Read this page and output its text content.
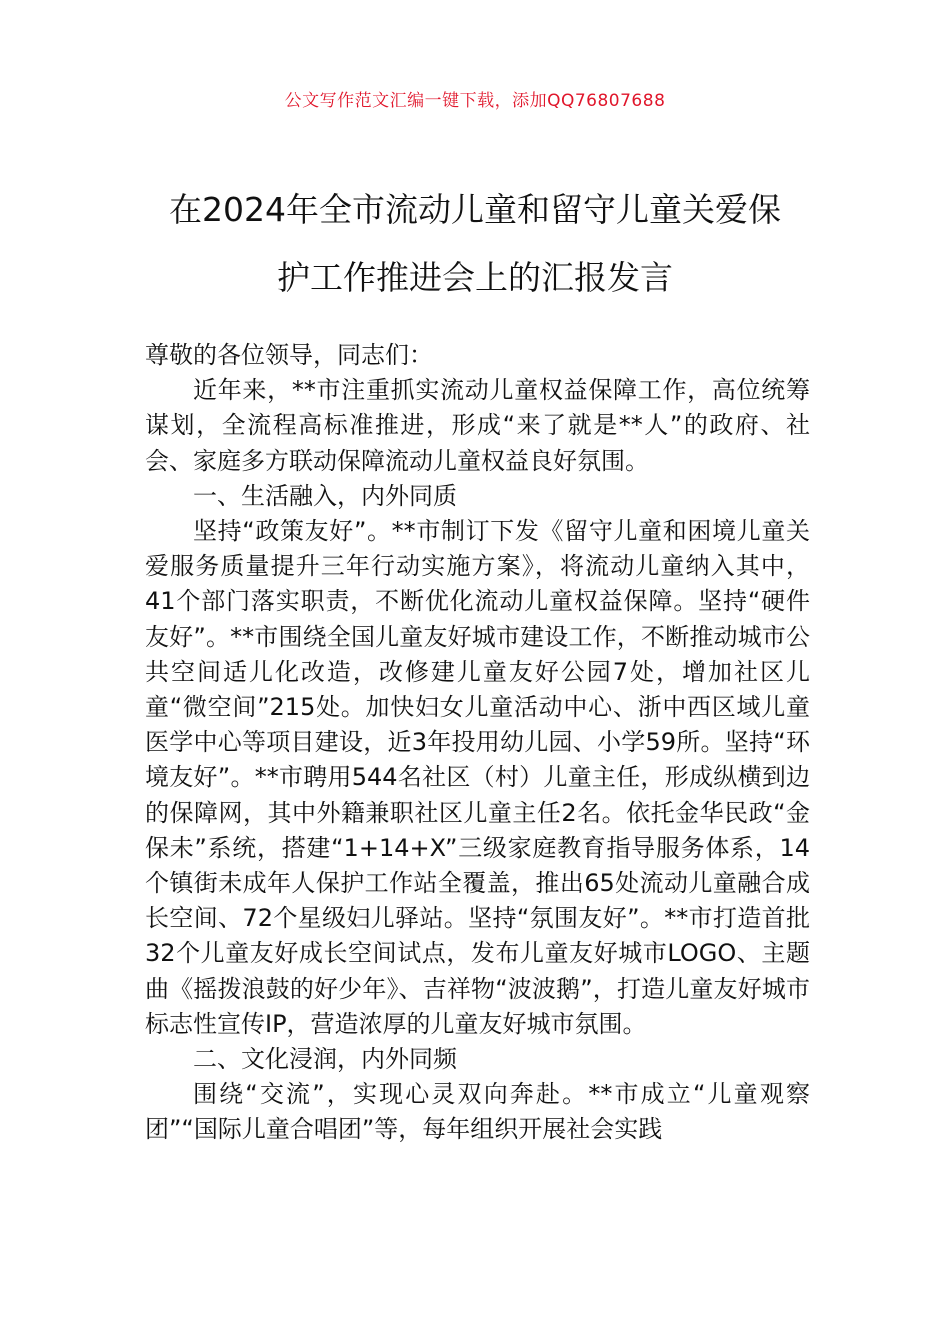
公文写作范文汇编一键下载，添加QQ76807688
在2024年全市流动儿童和留守儿童关爱保
护工作推进会上的汇报发言

尊敬的各位领导，同志们：

近年来，**市注重抓实流动儿童权益保障工作，高位统筹谋划，全流程高标准推进，形成“来了就是**人”的政府、社会、家庭多方联动保障流动儿童权益良好氛围。

一、生活融入，内外同质

坚持“政策友好”。**市制订下发《留守儿童和困境儿童关爱服务质量提升三年行动实施方案》，将流动儿童纳入其中，41个部门落实职责，不断优化流动儿童权益保障。坚持“硬件友好”。**市围绕全国儿童友好城市建设工作，不断推动城市公共空间适儿化改造，改修建儿童友好公园7处，增加社区儿童“微空间”215处。加快妇女儿童活动中心、浙中西区域儿童医学中心等项目建设，近3年投用幼儿园、小学59所。坚持“环境友好”。**市聘用544名社区（村）儿童主任，形成纵横到边的保障网，其中外籍兼职社区儿童主任2名。依托金华民政“金保未”系统，搭建“1+14+X”三级家庭教育指导服务体系，14个镇街未成年人保护工作站全覆盖，推出65处流动儿童融合成长空间、72个星级妇儿驿站。坚持“氛围友好”。**市打造首批32个儿童友好成长空间试点，发布儿童友好城市LOGO、主题曲《摇拨浪鼓的好少年》、吉祥物“波波鹅”，打造儿童友好城市标志性宣传IP，营造浓厚的儿童友好城市氛围。

二、文化浸润，内外同频

围绕“交流”，实现心灵双向奔赴。**市成立“儿童观察团”“国际儿童合唱团”等，每年组织开展社会实践
